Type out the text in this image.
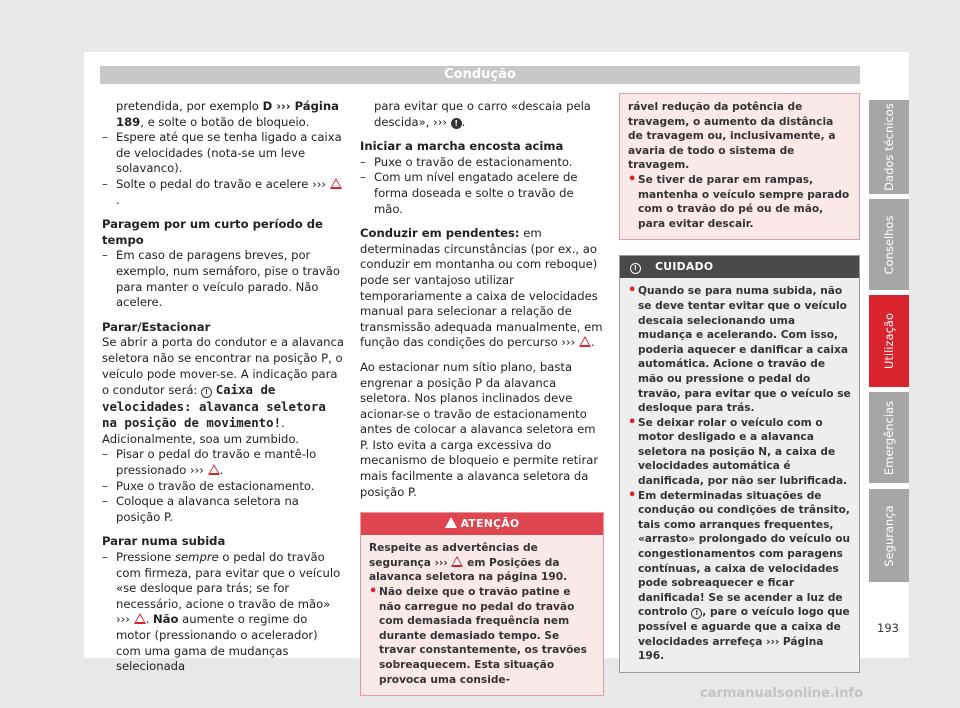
Condução

pretendida, por exemplo D ››› Página 189, e solte o botão de bloqueio.

– Espere até que se tenha ligado a caixa de velocidades (nota-se um leve solavanco).

– Solte o pedal do travão e acelere ››› .

Paragem por um curto período de tempo

– Em caso de paragens breves, por exemplo, num semáforo, pise o travão para manter o veículo parado. Não acelere.

Parar/Estacionar

Se abrir a porta do condutor e a alavanca seletora não se encontrar na posição P, o veículo pode mover-se. A indicação para o condutor será: ! Caixa de velocidades: alavanca seletora na posição de movimento!. Adicionalmente, soa um zumbido.

– Pisar o pedal do travão e mantê-lo pressionado ››› .

– Puxe o travão de estacionamento.

– Coloque a alavanca seletora na posição P.

Parar numa subida

– Pressione sempre o pedal do travão com firmeza, para evitar que o veículo «se desloque para trás; se for necessário, acione o travão de mão» ››› . Não aumente o regime do motor (pressionando o acelerador) com uma gama de mudanças selecionada

para evitar que o carro «descaia pela descida», ››› ! .

Iniciar a marcha encosta acima

– Puxe o travão de estacionamento.

– Com um nível engatado acelere de forma doseada e solte o travão de mão.

Conduzir em pendentes: em determinadas circunstâncias (por ex., ao conduzir em montanha ou com reboque) pode ser vantajoso utilizar temporariamente a caixa de velocidades manual para selecionar a relação de transmissão adequada manualmente, em função das condições do percurso ››› .

Ao estacionar num sítio plano, basta engrenar a posição P da alavanca seletora. Nos planos inclinados deve acionar-se o travão de estacionamento antes de colocar a alavanca seletora em P. Isto evita a carga excessiva do mecanismo de bloqueio e permite retirar mais facilmente a alavanca seletora da posição P.

ATENÇÃO

Respeite as advertências de segurança ›››  em Posições da alavanca seletora na página 190.

• Não deixe que o travão patine e não carregue no pedal do travão com demasiada frequência nem durante demasiado tempo. Se travar constantemente, os travões sobreaquecem. Esta situação provoca uma conside-

rável redução da potência de travagem, o aumento da distância de travagem ou, inclusivamente, a avaria de todo o sistema de travagem.

• Se tiver de parar em rampas, mantenha o veículo sempre parado com o travão do pé ou de mão, para evitar descair.

! CUIDADO

• Quando se para numa subida, não se deve tentar evitar que o veículo descaia selecionando uma mudança e acelerando. Com isso, poderia aquecer e danificar a caixa automática. Acione o travão de mão ou pressione o pedal do travão, para evitar que o veículo se desloque para trás.

• Se deixar rolar o veículo com o motor desligado e a alavanca seletora na posição N, a caixa de velocidades automática é danificada, por não ser lubrificada.

• Em determinadas situações de condução ou condições de trânsito, tais como arranques frequentes, «arrasto» prolongado do veículo ou congestionamentos com paragens contínuas, a caixa de velocidades pode sobreaquecer e ficar danificada! Se se acender a luz de controlo ! , pare o veículo logo que possível e aguarde que a caixa de velocidades arrefeça ››› Página 196.

Dados técnicos
Conselhos
Utilização
Emergências
Segurança
193
carmanualsonline.info
